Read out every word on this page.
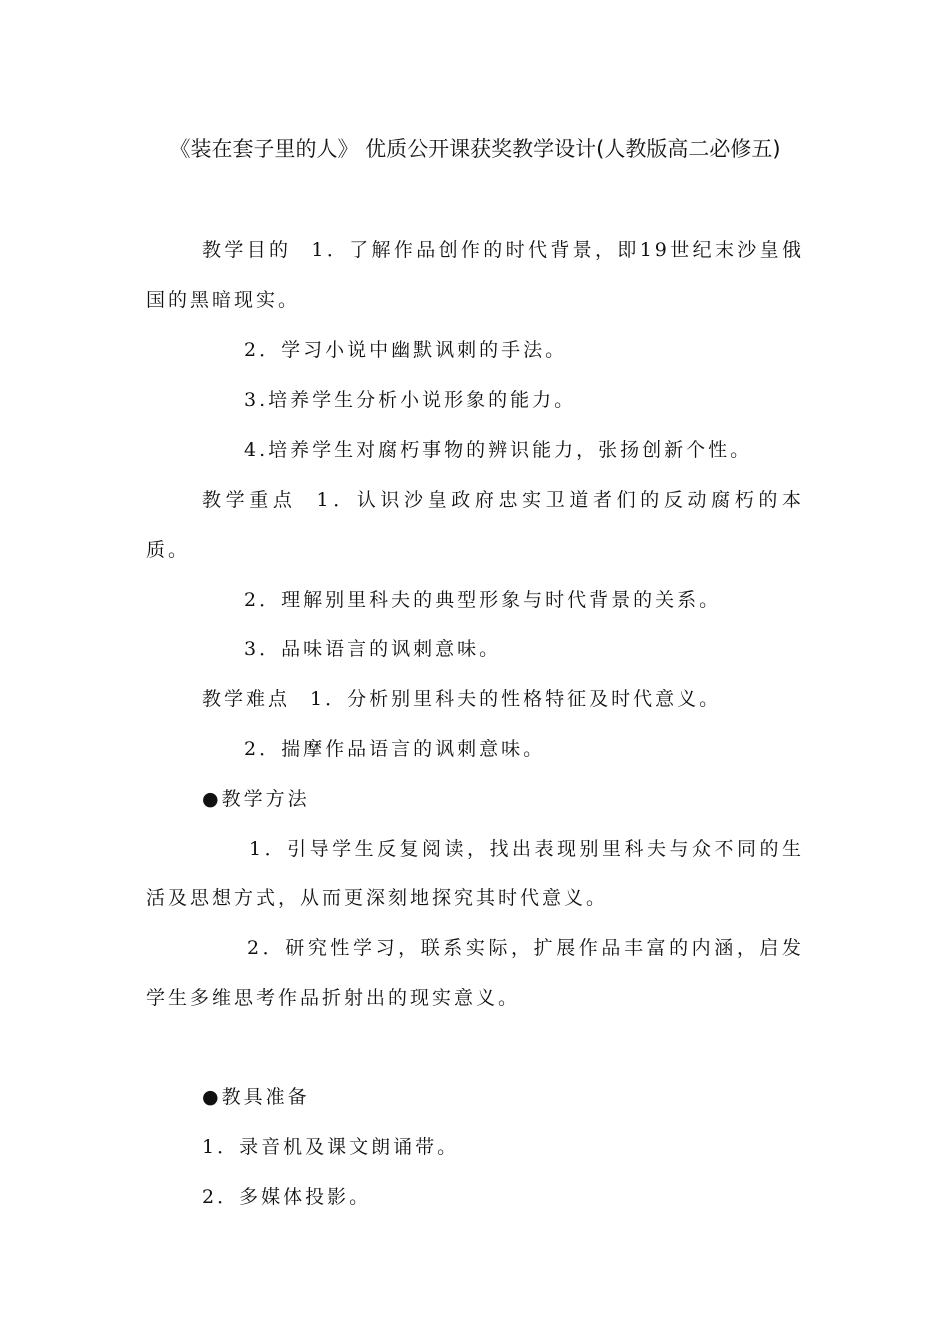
《装在套子里的人》 优质公开课获奖教学设计(人教版高二必修五)
教学目的 1．了解作品创作的时代背景，即19世纪末沙皇俄
国的黑暗现实。
2．学习小说中幽默讽刺的手法。
3.培养学生分析小说形象的能力。
4.培养学生对腐朽事物的辨识能力，张扬创新个性。
教学重点 1．认识沙皇政府忠实卫道者们的反动腐朽的本
质。
2．理解别里科夫的典型形象与时代背景的关系。
3．品味语言的讽刺意味。
教学难点 1．分析别里科夫的性格特征及时代意义。
2．揣摩作品语言的讽刺意味。
●教学方法
1．引导学生反复阅读，找出表现别里科夫与众不同的生
活及思想方式，从而更深刻地探究其时代意义。
2．研究性学习，联系实际，扩展作品丰富的内涵，启发
学生多维思考作品折射出的现实意义。
●教具准备
1．录音机及课文朗诵带。
2．多媒体投影。
